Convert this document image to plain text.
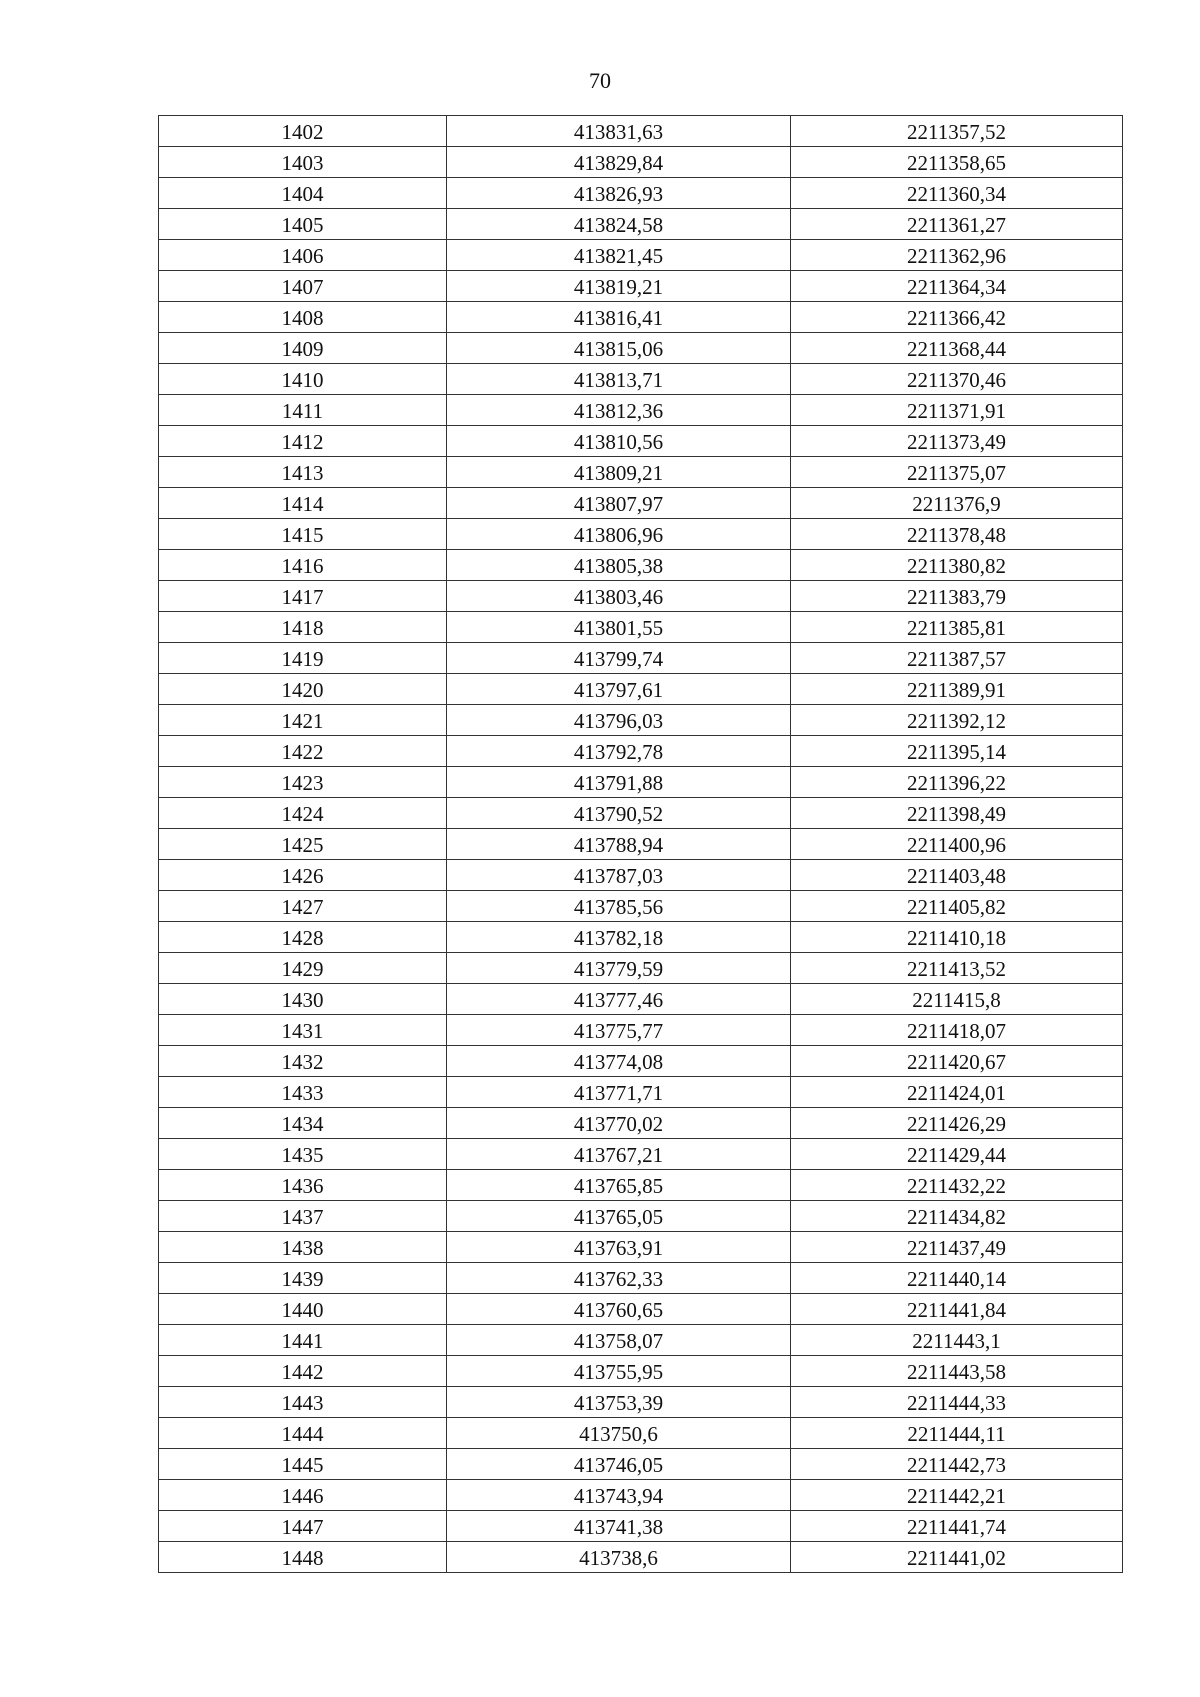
70
1402	413831,63	2211357,52
1403	413829,84	2211358,65
1404	413826,93	2211360,34
1405	413824,58	2211361,27
1406	413821,45	2211362,96
1407	413819,21	2211364,34
1408	413816,41	2211366,42
1409	413815,06	2211368,44
1410	413813,71	2211370,46
1411	413812,36	2211371,91
1412	413810,56	2211373,49
1413	413809,21	2211375,07
1414	413807,97	2211376,9
1415	413806,96	2211378,48
1416	413805,38	2211380,82
1417	413803,46	2211383,79
1418	413801,55	2211385,81
1419	413799,74	2211387,57
1420	413797,61	2211389,91
1421	413796,03	2211392,12
1422	413792,78	2211395,14
1423	413791,88	2211396,22
1424	413790,52	2211398,49
1425	413788,94	2211400,96
1426	413787,03	2211403,48
1427	413785,56	2211405,82
1428	413782,18	2211410,18
1429	413779,59	2211413,52
1430	413777,46	2211415,8
1431	413775,77	2211418,07
1432	413774,08	2211420,67
1433	413771,71	2211424,01
1434	413770,02	2211426,29
1435	413767,21	2211429,44
1436	413765,85	2211432,22
1437	413765,05	2211434,82
1438	413763,91	2211437,49
1439	413762,33	2211440,14
1440	413760,65	2211441,84
1441	413758,07	2211443,1
1442	413755,95	2211443,58
1443	413753,39	2211444,33
1444	413750,6	2211444,11
1445	413746,05	2211442,73
1446	413743,94	2211442,21
1447	413741,38	2211441,74
1448	413738,6	2211441,02
